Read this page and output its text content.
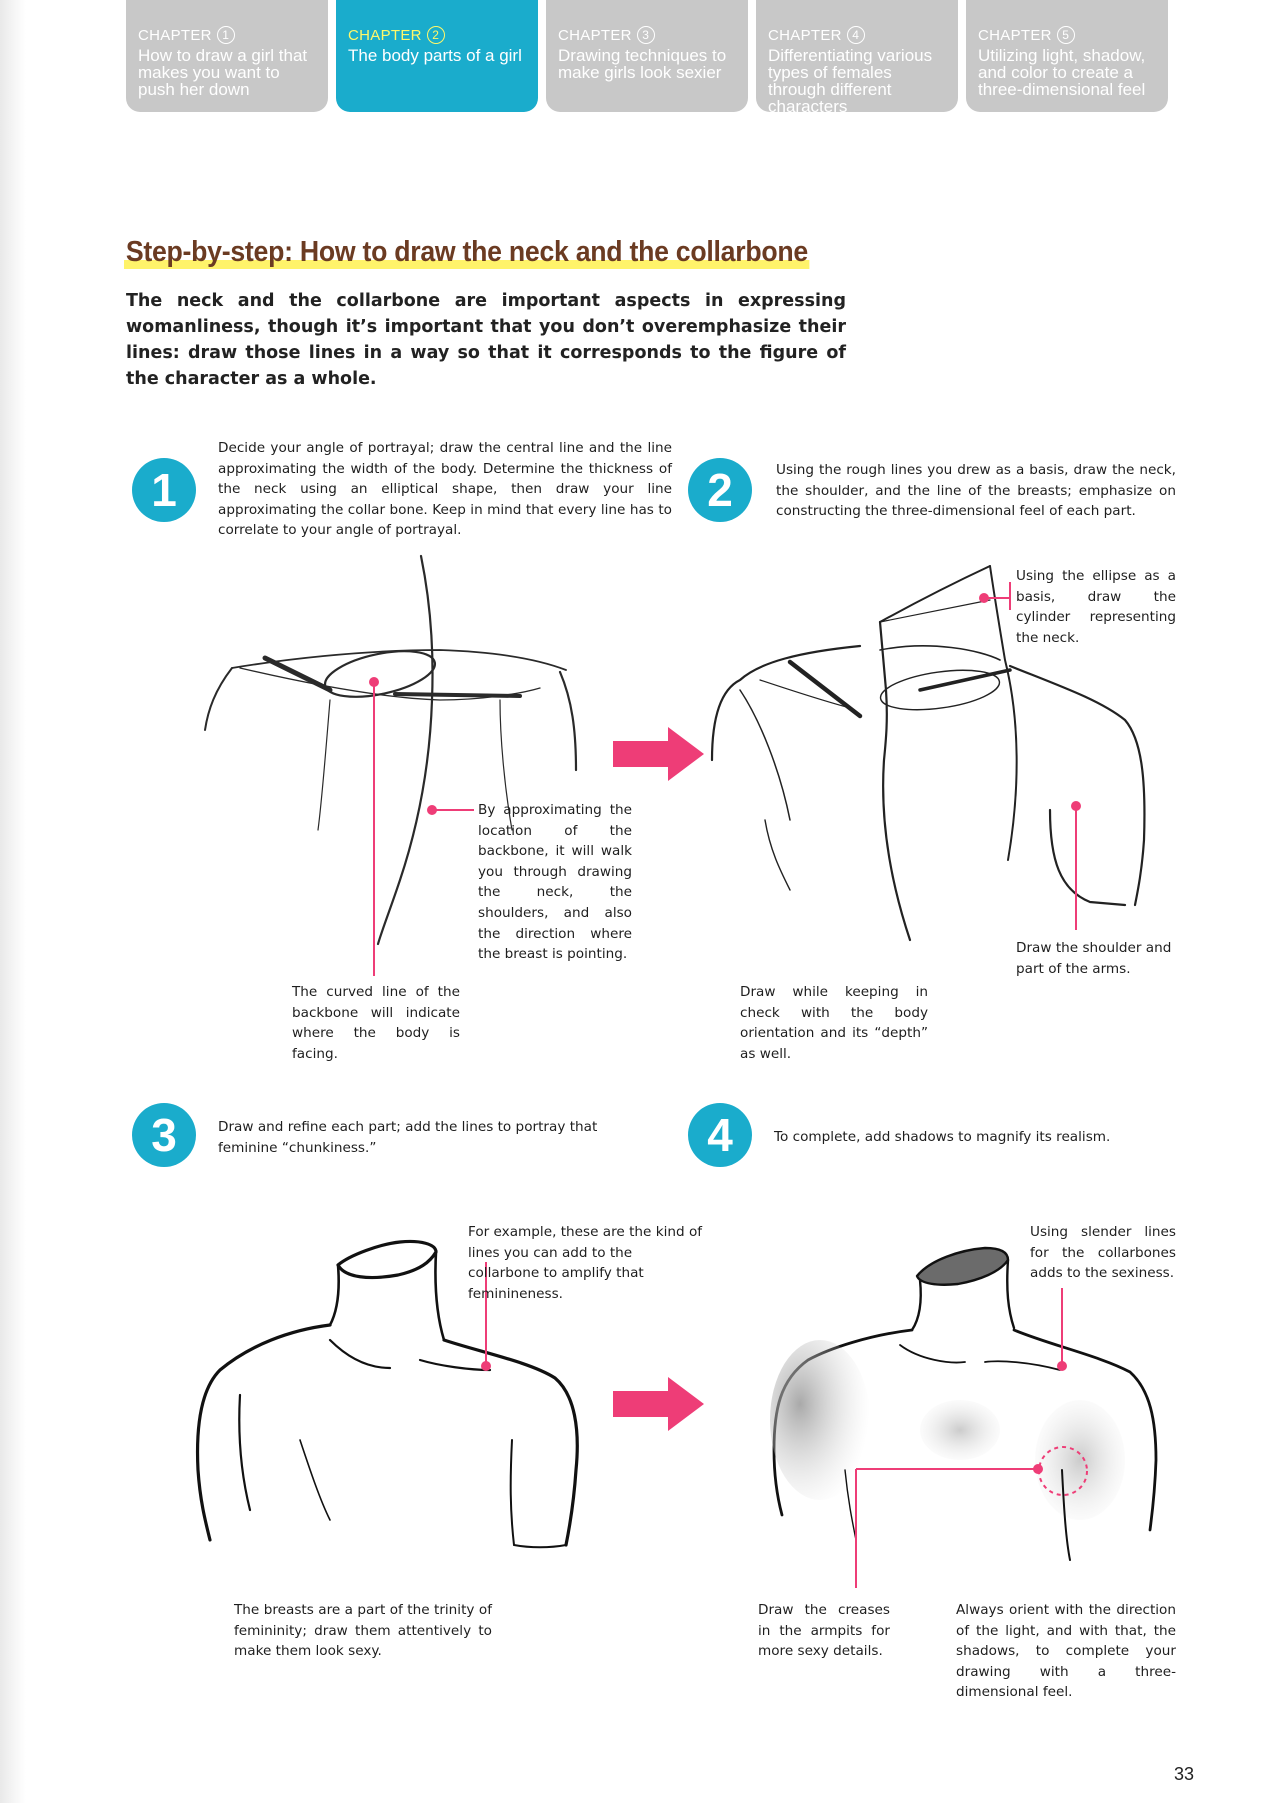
CHAPTER 1
How to draw a girl that makes you want to push her down
CHAPTER 2
The body parts of a girl
CHAPTER 3
Drawing techniques to make girls look sexier
CHAPTER 4
Differentiating various types of females through different characters
CHAPTER 5
Utilizing light, shadow, and color to create a three-dimensional feel
Step-by-step: How to draw the neck and the collarbone

The neck and the collarbone are important aspects in expressing womanliness, though it’s important that you don’t overemphasize their lines: draw those lines in a way so that it corresponds to the figure of the character as a whole.

1

Decide your angle of portrayal; draw the central line and the line approximating the width of the body. Determine the thickness of the neck using an elliptical shape, then draw your line approximating the collar bone. Keep in mind that every line has to correlate to your angle of portrayal.

2	Using the rough lines you drew as a basis, draw the neck, the shoulder, and the line of the breasts; emphasize on constructing the three-dimensional feel of each part.

3	Draw and refine each part; add the lines to portray that feminine “chunkiness.”	4	To complete, add shadows to magnify its realism.

By approximating the location of the backbone, it will walk you through drawing the neck, the shoulders, and also the direction where the breast is pointing.

The curved line of the backbone will indicate where the body is facing.

Using the ellipse as a basis, draw the cylinder representing the neck.

Draw the shoulder and part of the arms.

Draw while keeping in check with the body orientation and its “depth” as well.

For example, these are the kind of lines you can add to the collarbone to amplify that feminineness.

Using slender lines for the collarbones adds to the sexiness.

The breasts are a part of the trinity of femininity; draw them attentively to make them look sexy.

Draw the creases in the armpits for more sexy details.

Always orient with the direction of the light, and with that, the shadows, to complete your drawing with a three-dimensional feel.

33
